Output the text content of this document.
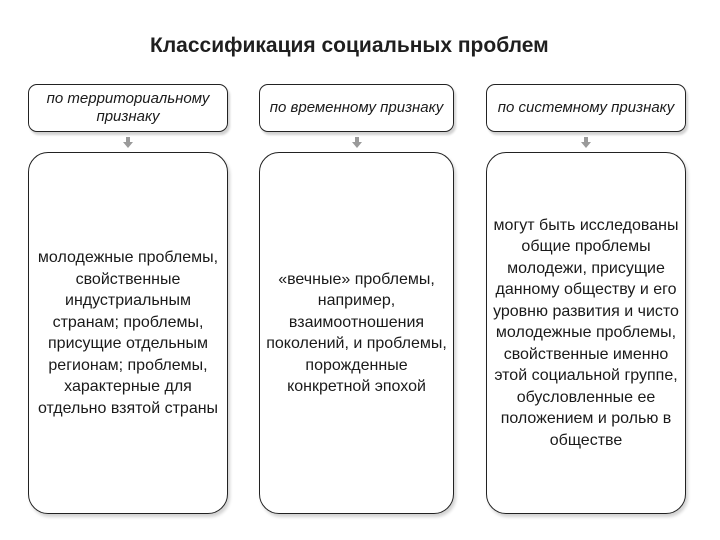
Классификация социальных проблем
по территориальному признаку
молодежные проблемы, свойственные индустриальным странам; проблемы, присущие отдельным регионам; проблемы, характерные для отдельно взятой страны
по временному признаку
«вечные» проблемы, например, взаимоотношения поколений, и проблемы, порожденные конкретной эпохой
по системному признаку
могут быть исследованы общие проблемы молодежи, присущие данному обществу и его уровню развития и чисто молодежные проблемы, свойственные именно этой социальной группе, обусловленные ее положением и ролью в обществе
